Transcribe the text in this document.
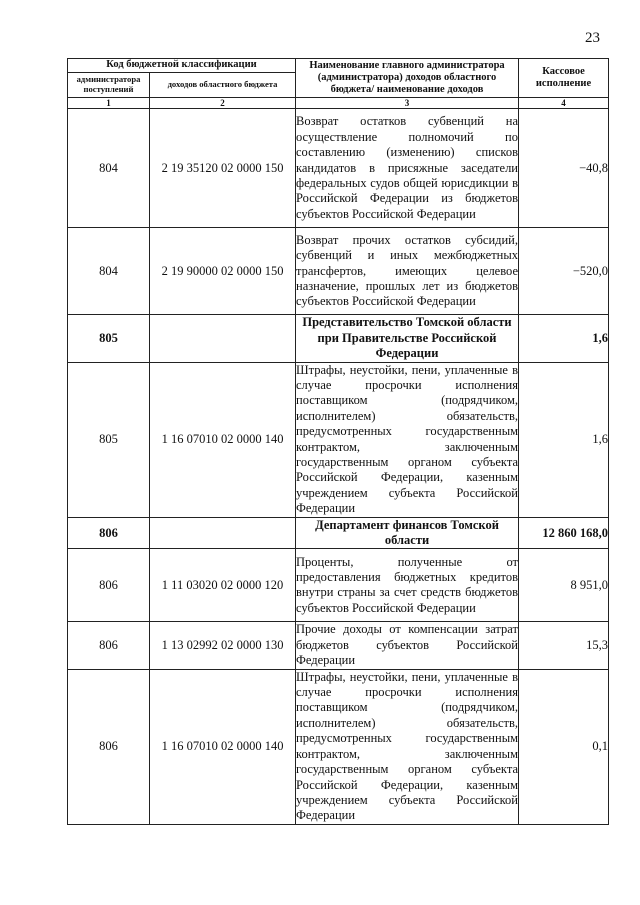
23
Код бюджетной классификации		Наименование главного администратора (администратора) доходов областного бюджета/ наименование доходов	Кассовое исполнение
администратора поступлений	доходов областного бюджета		
1	2	3	4
804	2 19 35120 02 0000 150	Возврат остатков субвенций на осуществление полномочий по составлению (изменению) списков кандидатов в присяжные заседатели федеральных судов общей юрисдикции в Российской Федерации из бюджетов субъектов Российской Федерации	−40,8
804	2 19 90000 02 0000 150	Возврат прочих остатков субсидий, субвенций и иных межбюджетных трансфертов, имеющих целевое назначение, прошлых лет из бюджетов субъектов Российской Федерации	−520,0
805		Представительство Томской области при Правительстве Российской Федерации	1,6
805	1 16 07010 02 0000 140	Штрафы, неустойки, пени, уплаченные в случае просрочки исполнения поставщиком (подрядчиком, исполнителем) обязательств, предусмотренных государственным контрактом, заключенным государственным органом субъекта Российской Федерации, казенным учреждением субъекта Российской Федерации	1,6
806		Департамент финансов Томской области	12 860 168,0
806	1 11 03020 02 0000 120	Проценты, полученные от предоставления бюджетных кредитов внутри страны за счет средств бюджетов субъектов Российской Федерации	8 951,0
806	1 13 02992 02 0000 130	Прочие доходы от компенсации затрат бюджетов субъектов Российской Федерации	15,3
806	1 16 07010 02 0000 140	Штрафы, неустойки, пени, уплаченные в случае просрочки исполнения поставщиком (подрядчиком, исполнителем) обязательств, предусмотренных государственным контрактом, заключенным государственным органом субъекта Российской Федерации, казенным учреждением субъекта Российской Федерации	0,1
